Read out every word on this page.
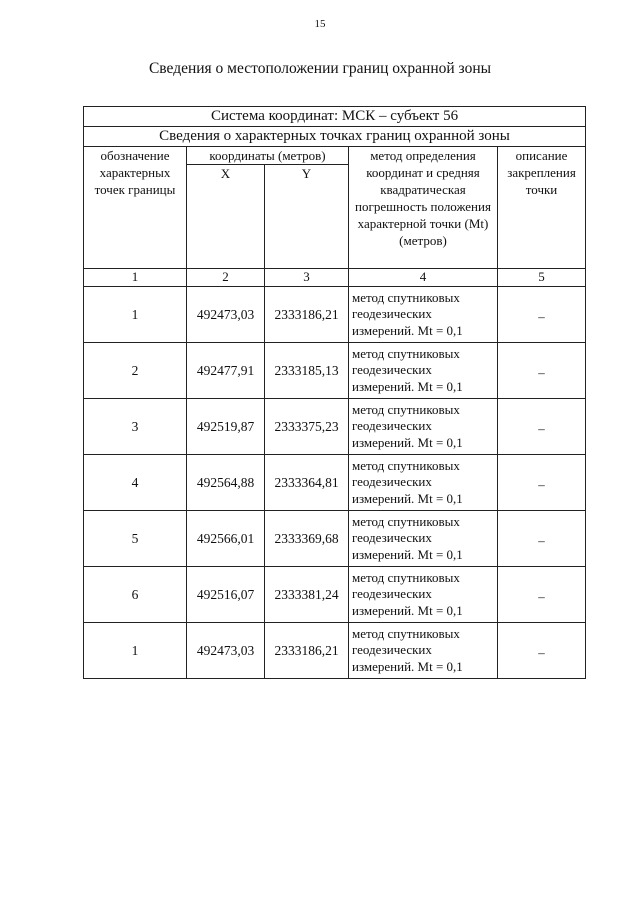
15
Сведения о местоположении границ охранной зоны
Система координат: МСК – субъект 56				
Сведения о характерных точках границ охранной зоны				
обозначение характерных точек границы	координаты (метров)		метод определения координат и средняя квадратическая погрешность положения характерной точки (Mt) (метров)	описание закрепления точки
	X	Y		
1	2	3	4	5
1	492473,03	2333186,21	метод спутниковых геодезических измерений. Mt = 0,1	–
2	492477,91	2333185,13	метод спутниковых геодезических измерений. Mt = 0,1	–
3	492519,87	2333375,23	метод спутниковых геодезических измерений. Mt = 0,1	–
4	492564,88	2333364,81	метод спутниковых геодезических измерений. Mt = 0,1	–
5	492566,01	2333369,68	метод спутниковых геодезических измерений. Mt = 0,1	–
6	492516,07	2333381,24	метод спутниковых геодезических измерений. Mt = 0,1	–
1	492473,03	2333186,21	метод спутниковых геодезических измерений. Mt = 0,1	–
